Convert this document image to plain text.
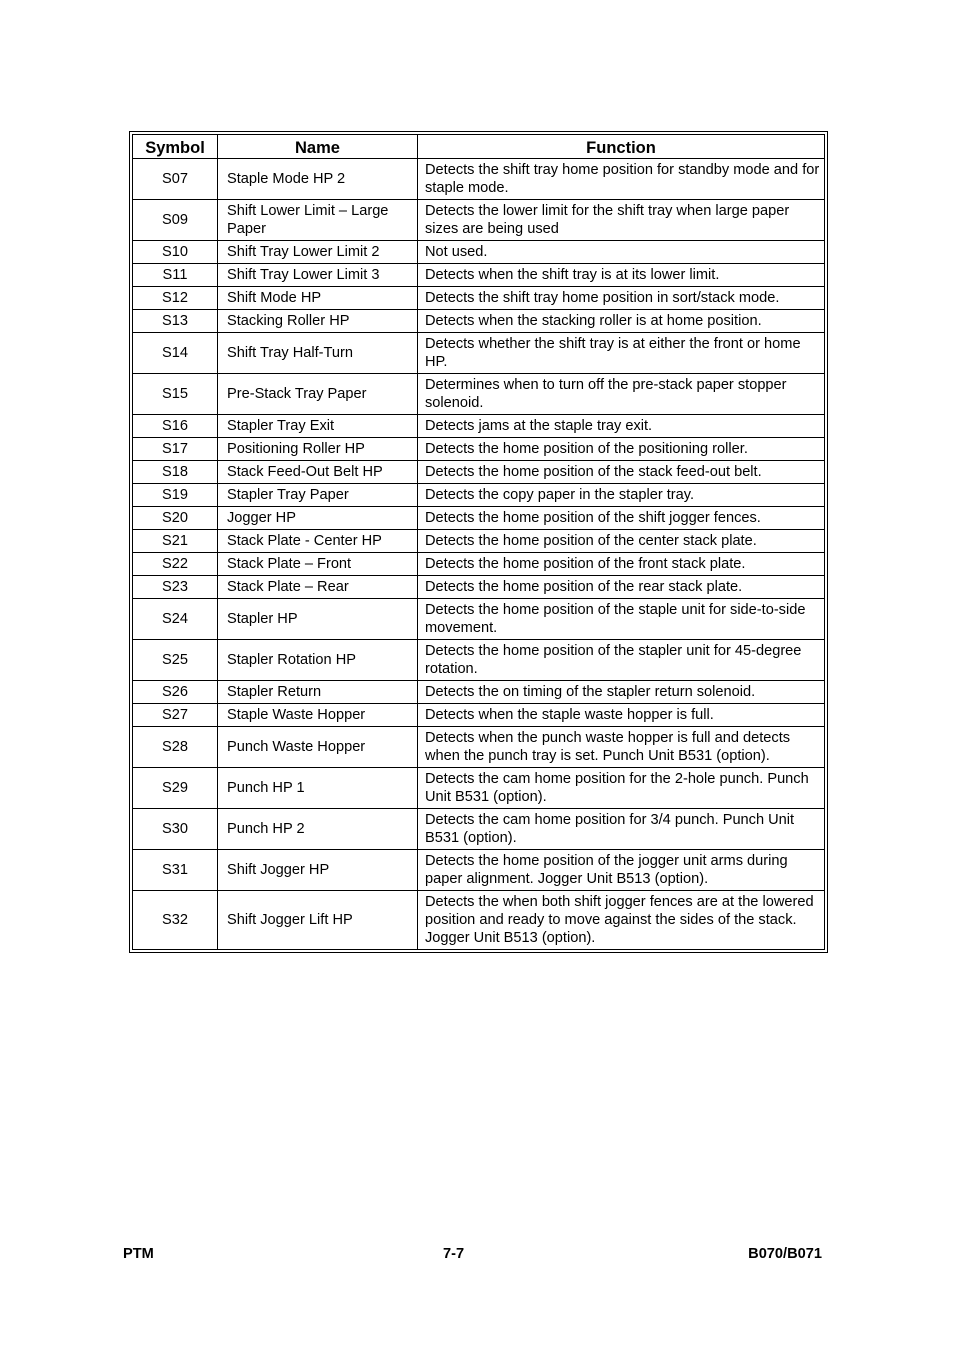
Symbol	Name	Function
S07	Staple Mode HP 2	Detects the shift tray home position for standby mode and for staple mode.
S09	Shift Lower Limit – Large Paper	Detects the lower limit for the shift tray when large paper sizes are being used
S10	Shift Tray Lower Limit 2	Not used.
S11	Shift Tray Lower Limit 3	Detects when the shift tray is at its lower limit.
S12	Shift Mode HP	Detects the shift tray home position in sort/stack mode.
S13	Stacking Roller HP	Detects when the stacking roller is at home position.
S14	Shift Tray Half-Turn	Detects whether the shift tray is at either the front or home HP.
S15	Pre-Stack Tray Paper	Determines when to turn off the pre-stack paper stopper solenoid.
S16	Stapler Tray Exit	Detects jams at the staple tray exit.
S17	Positioning Roller HP	Detects the home position of the positioning roller.
S18	Stack Feed-Out Belt HP	Detects the home position of the stack feed-out belt.
S19	Stapler Tray Paper	Detects the copy paper in the stapler tray.
S20	Jogger HP	Detects the home position of the shift jogger fences.
S21	Stack Plate - Center HP	Detects the home position of the center stack plate.
S22	Stack Plate – Front	Detects the home position of the front stack plate.
S23	Stack Plate – Rear	Detects the home position of the rear stack plate.
S24	Stapler HP	Detects the home position of the staple unit for side-to-side movement.
S25	Stapler Rotation HP	Detects the home position of the stapler unit for 45-degree rotation.
S26	Stapler Return	Detects the on timing of the stapler return solenoid.
S27	Staple Waste Hopper	Detects when the staple waste hopper is full.
S28	Punch Waste Hopper	Detects when the punch waste hopper is full and detects when the punch tray is set. Punch Unit B531 (option).
S29	Punch HP 1	Detects the cam home position for the 2-hole punch. Punch Unit B531 (option).
S30	Punch HP 2	Detects the cam home position for 3/4 punch. Punch Unit B531 (option).
S31	Shift Jogger HP	Detects the home position of the jogger unit arms during paper alignment. Jogger Unit B513 (option).
S32	Shift Jogger Lift HP	Detects the when both shift jogger fences are at the lowered position and ready to move against the sides of the stack. Jogger Unit B513 (option).
PTM	7-7	B070/B071
